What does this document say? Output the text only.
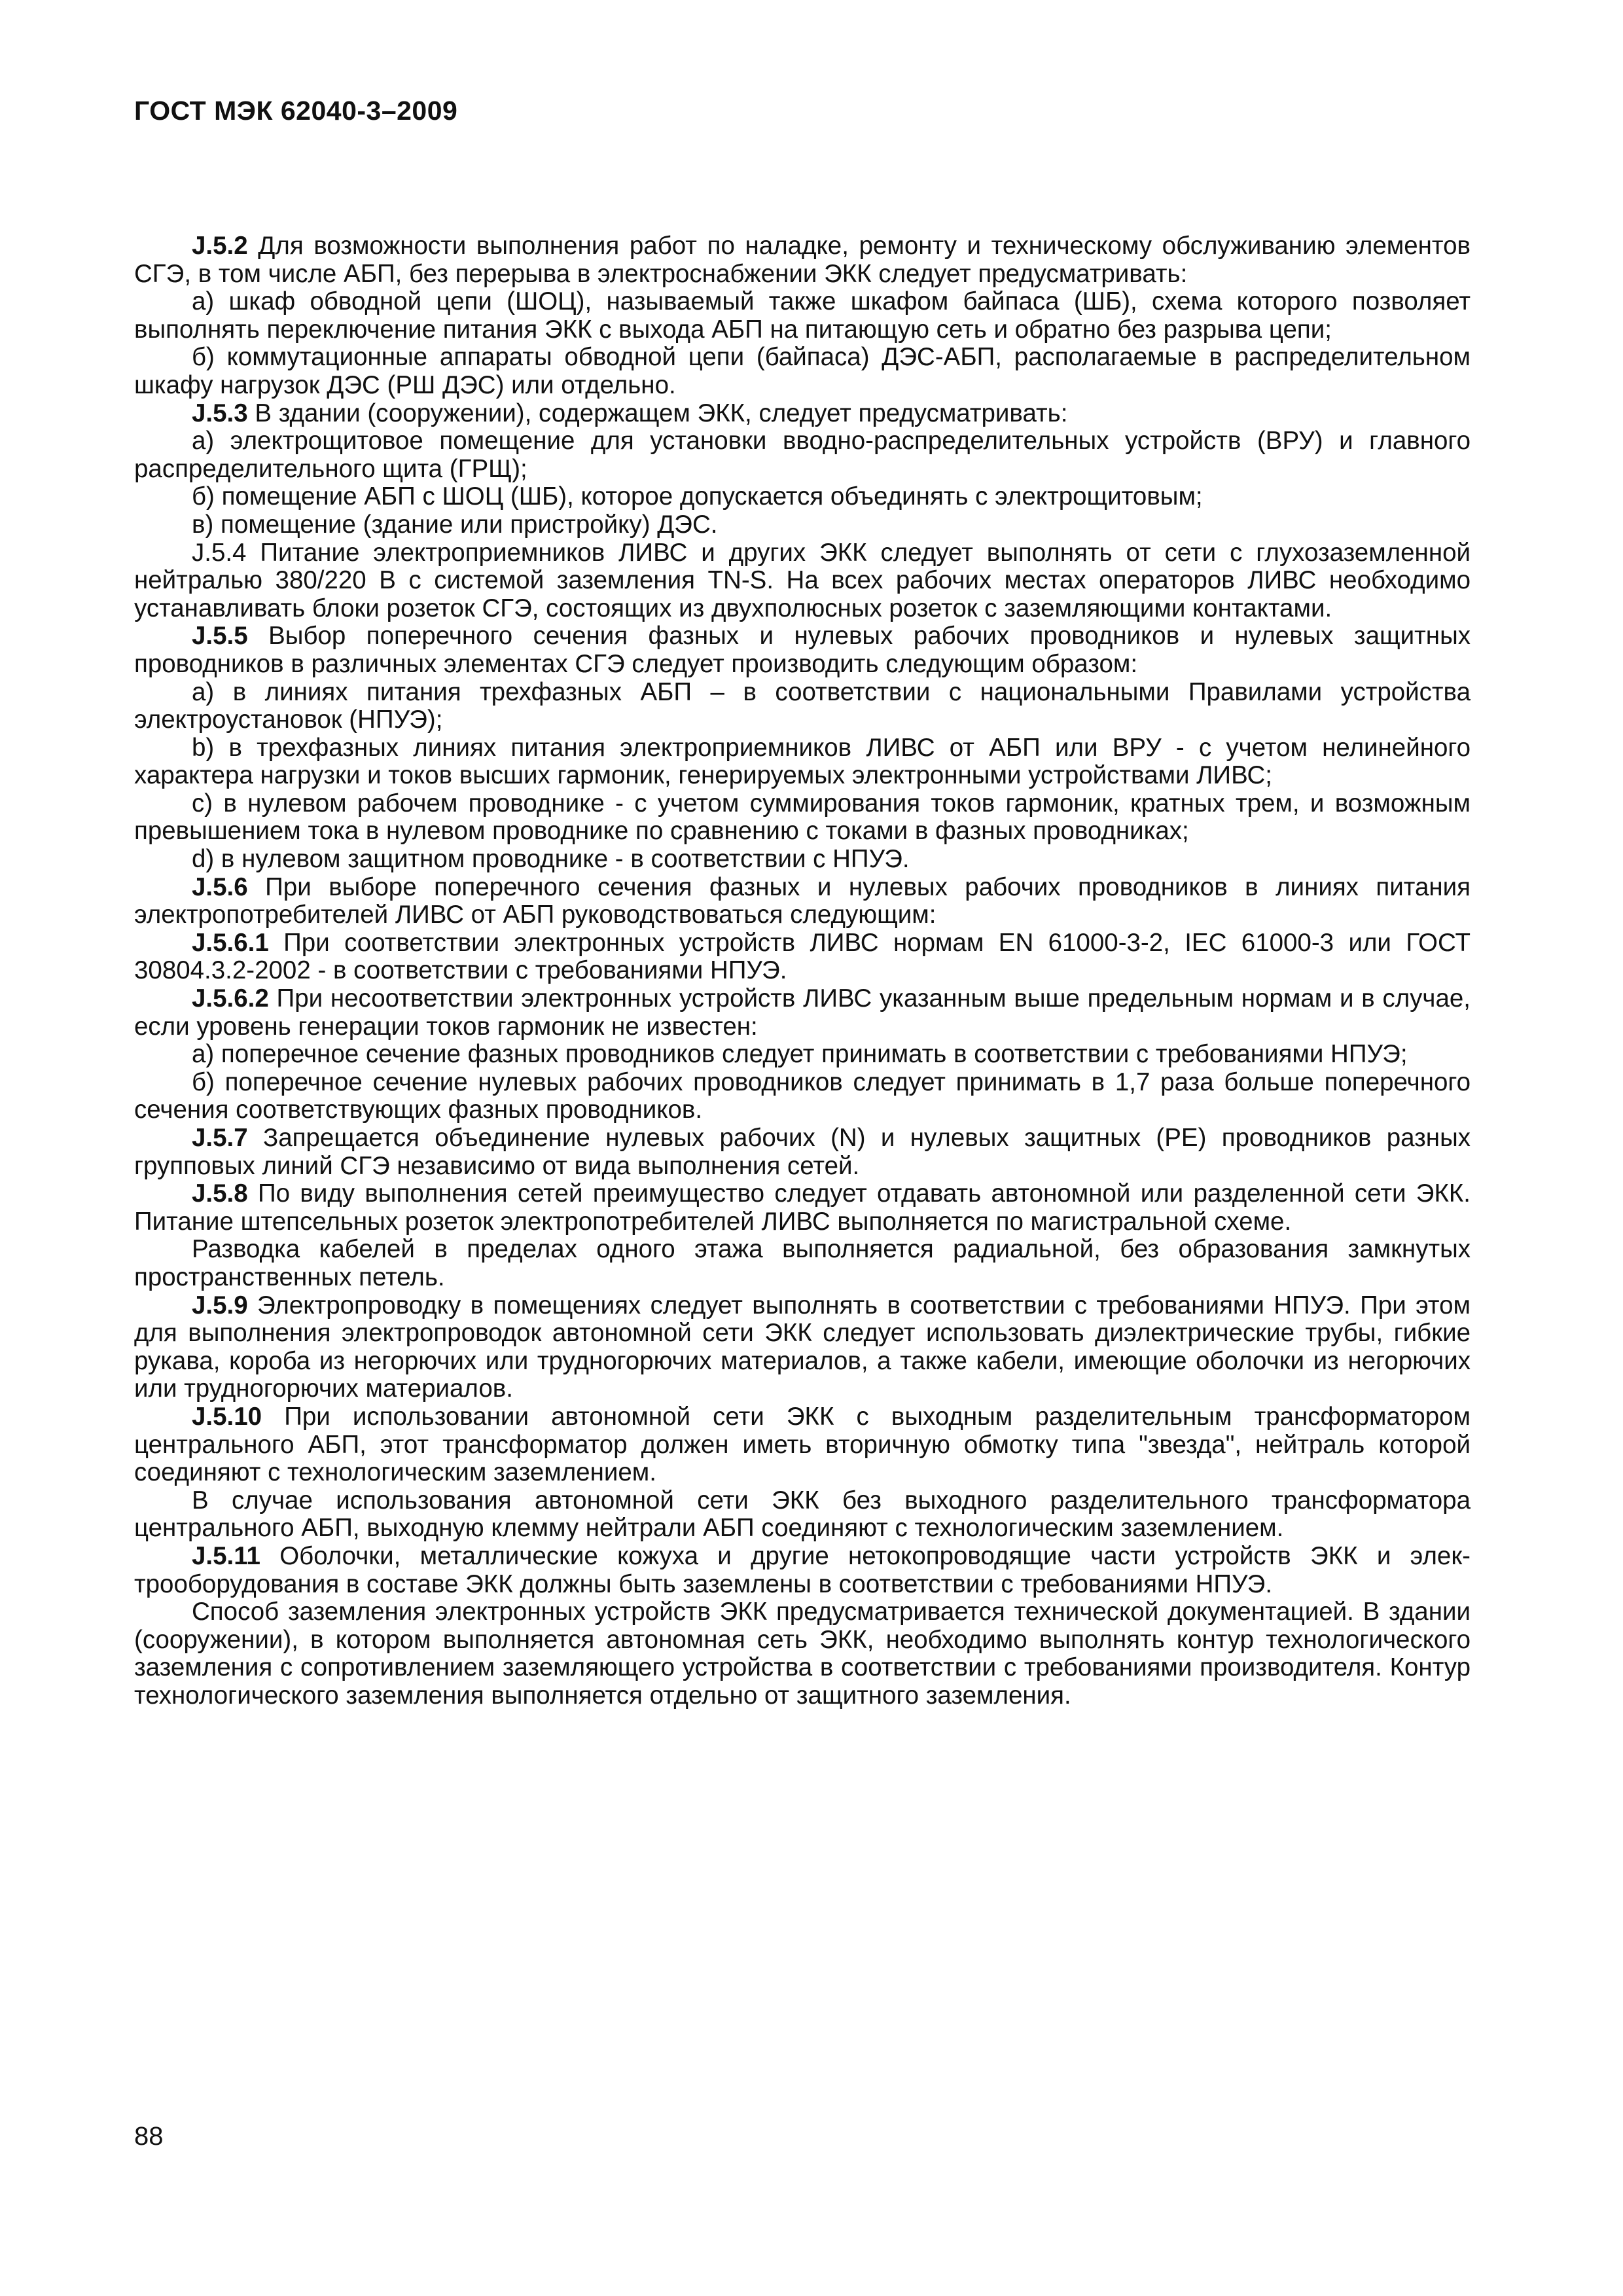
ГОСТ МЭК 62040-3–2009

J.5.2 Для возможности выполнения работ по наладке, ремонту и техническому обслуживанию элементов СГЭ, в том числе АБП, без перерыва в электроснабжении ЭКК следует предусматривать:

а) шкаф обводной цепи (ШОЦ), называемый также шкафом байпаса (ШБ), схема которого позволяет выполнять переключение питания ЭКК с выхода АБП на питающую сеть и обратно без разрыва цепи;

б) коммутационные аппараты обводной цепи (байпаса) ДЭС-АБП, располагаемые в распределительном шкафу нагрузок ДЭС (РШ ДЭС) или отдельно.

J.5.3 В здании (сооружении), содержащем ЭКК, следует предусматривать:

а) электрощитовое помещение для установки вводно-распределительных устройств (ВРУ) и главного распределительного щита (ГРЩ);

б) помещение АБП с ШОЦ (ШБ), которое допускается объединять с электрощитовым;

в) помещение (здание или пристройку) ДЭС.

J.5.4 Питание электроприемников ЛИВС и других ЭКК следует выполнять от сети с глухозаземленной нейтралью 380/220 В с системой заземления TN-S. На всех рабочих местах операторов ЛИВС необходимо устанавливать блоки розеток СГЭ, состоящих из двухполюсных розеток с заземляющими контактами.

J.5.5 Выбор поперечного сечения фазных и нулевых рабочих проводников и нулевых защитных проводников в различных элементах СГЭ следует производить следующим образом:

а) в линиях питания трехфазных АБП – в соответствии с национальными Правилами устройства электроустановок (НПУЭ);

b) в трехфазных линиях питания электроприемников ЛИВС от АБП или ВРУ - с учетом нелинейного характера нагрузки и токов высших гармоник, генерируемых электронными устройствами ЛИВС;

с) в нулевом рабочем проводнике - с учетом суммирования токов гармоник, кратных трем, и возможным превышением тока в нулевом проводнике по сравнению с токами в фазных проводниках;

d) в нулевом защитном проводнике - в соответствии с НПУЭ.

J.5.6 При выборе поперечного сечения фазных и нулевых рабочих проводников в линиях питания электропотребителей ЛИВС от АБП руководствоваться следующим:

J.5.6.1 При соответствии электронных устройств ЛИВС нормам EN 61000-3-2, IEC 61000-3 или ГОСТ 30804.3.2-2002 - в соответствии с требованиями НПУЭ.

J.5.6.2 При несоответствии электронных устройств ЛИВС указанным выше предельным нормам и в случае, если уровень генерации токов гармоник не известен:

а) поперечное сечение фазных проводников следует принимать в соответствии с требованиями НПУЭ;

б) поперечное сечение нулевых рабочих проводников следует принимать в 1,7 раза больше поперечного сечения соответствующих фазных проводников.

J.5.7 Запрещается объединение нулевых рабочих (N) и нулевых защитных (PE) проводников разных групповых линий СГЭ независимо от вида выполнения сетей.

J.5.8 По виду выполнения сетей преимущество следует отдавать автономной или разделенной сети ЭКК. Питание штепсельных розеток электропотребителей ЛИВС выполняется по магистральной схеме.

Разводка кабелей в пределах одного этажа выполняется радиальной, без образования замкнутых пространственных петель.

J.5.9 Электропроводку в помещениях следует выполнять в соответствии с требованиями НПУЭ. При этом для выполнения электропроводок автономной сети ЭКК следует использовать диэлектрические трубы, гибкие рукава, короба из негорючих или трудногорючих материалов, а также кабели, имеющие оболочки из негорючих или трудногорючих материалов.

J.5.10 При использовании автономной сети ЭКК с выходным разделительным трансформатором центрального АБП, этот трансформатор должен иметь вторичную обмотку типа "звезда", нейтраль которой соединяют с технологическим заземлением.

В случае использования автономной сети ЭКК без выходного разделительного трансформатора центрального АБП, выходную клемму нейтрали АБП соединяют с технологическим заземлением.

J.5.11 Оболочки, металлические кожуха и другие нетокопроводящие части устройств ЭКК и электрооборудования в составе ЭКК должны быть заземлены в соответствии с требованиями НПУЭ.

Способ заземления электронных устройств ЭКК предусматривается технической документацией. В здании (сооружении), в котором выполняется автономная сеть ЭКК, необходимо выполнять контур технологического заземления с сопротивлением заземляющего устройства в соответствии с требованиями производителя. Контур технологического заземления выполняется отдельно от защитного заземления.

88
